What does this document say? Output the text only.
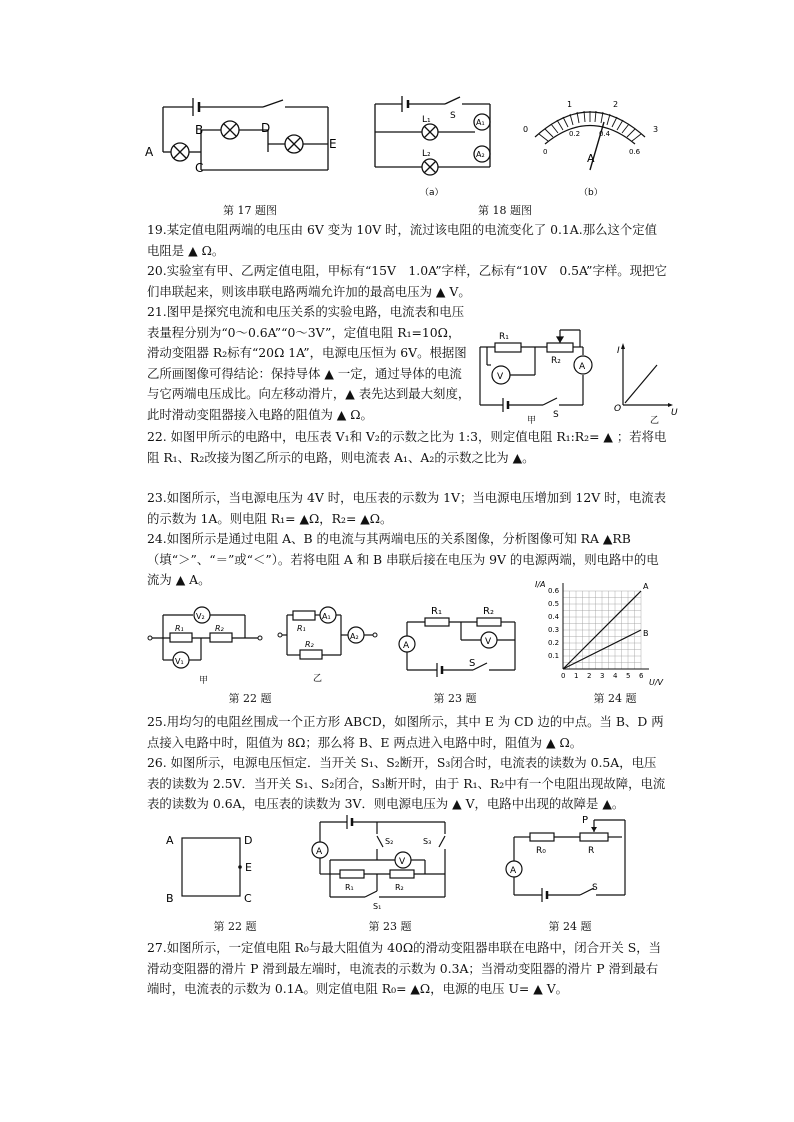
A
B
C
D
E
L₁
L₂
S
A₁
A₂
（a）
0
1	2
3
0
0.2	0.4
0.6
A
（b）
第 17 题图	第 18 题图

19.某定值电阻两端的电压由 6V 变为 10V 时，流过该电阻的电流变化了 0.1A.那么这个定值电阻是 ▲ Ω。

20.实验室有甲、乙两定值电阻，甲标有“15V　1.0A”字样，乙标有“10V　0.5A”字样。现把它们串联起来，则该串联电路两端允许加的最高电压为 ▲ V。

21.图甲是探究电流和电压关系的实验电路，电流表和电压表量程分别为“0～0.6A”“0～3V”，定值电阻 R₁=10Ω，滑动变阻器 R₂标有“20Ω 1A”，电源电压恒为 6V。根据图乙所画图像可得结论：保持导体 ▲ 一定，通过导体的电流与它两端电压成比。向左移动滑片，▲ 表先达到最大刻度，此时滑动变阻器接入电路的阻值为 ▲ Ω。

R₁
R₂
V
A
S
甲
I
U
O
乙

22. 如图甲所示的电路中，电压表 V₁和 V₂的示数之比为 1:3，则定值电阻 R₁:R₂= ▲ ；若将电阻 R₁、R₂改接为图乙所示的电路，则电流表 A₁、A₂的示数之比为 ▲。

23.如图所示，当电源电压为 4V 时，电压表的示数为 1V；当电源电压增加到 12V 时，电流表的示数为 1A。则电阻 R₁= ▲Ω，R₂= ▲Ω。

24.如图所示是通过电阻 A、B 的电流与其两端电压的关系图像，分析图像可知 RA ▲RB（填“＞”、“＝”或“＜”）。若将电阻 A 和 B 串联后接在电压为 9V 的电源两端，则电路中的电流为 ▲ A。

V₂
V₁
R₁	R₂
甲
R₁
R₂
A₁
A₂
乙
R₁	R₂
A	V
S
A
B
0 1 2 3 4 5 6
0.1
0.2
0.3
0.4
0.5
0.6
I/A
U/V
第 22 题	第 23 题	第 24 题

25.用均匀的电阻丝围成一个正方形 ABCD，如图所示，其中 E 为 CD 边的中点。当 B、D 两点接入电路中时，阻值为 8Ω；那么将 B、E 两点进入电路中时，阻值为 ▲ Ω。

26. 如图所示，电源电压恒定．当开关 S₁、S₂断开，S₃闭合时，电流表的读数为 0.5A，电压表的读数为 2.5V．当开关 S₁、S₂闭合，S₃断开时，由于 R₁、R₂中有一个电阻出现故障，电流表的读数为 0.6A，电压表的读数为 3V．则电源电压为 ▲ V，电路中出现的故障是 ▲。

A	D
E
B	C
A
V
S₂	S₃
R₁	R₂
S₁
P
R₀	R
A
S
第 22 题	第 23 题	第 24 题

27.如图所示，一定值电阻 R₀与最大阻值为 40Ω的滑动变阻器串联在电路中，闭合开关 S，当滑动变阻器的滑片 P 滑到最左端时，电流表的示数为 0.3A；当滑动变阻器的滑片 P 滑到最右端时，电流表的示数为 0.1A。则定值电阻 R₀= ▲Ω，电源的电压 U= ▲ V。
